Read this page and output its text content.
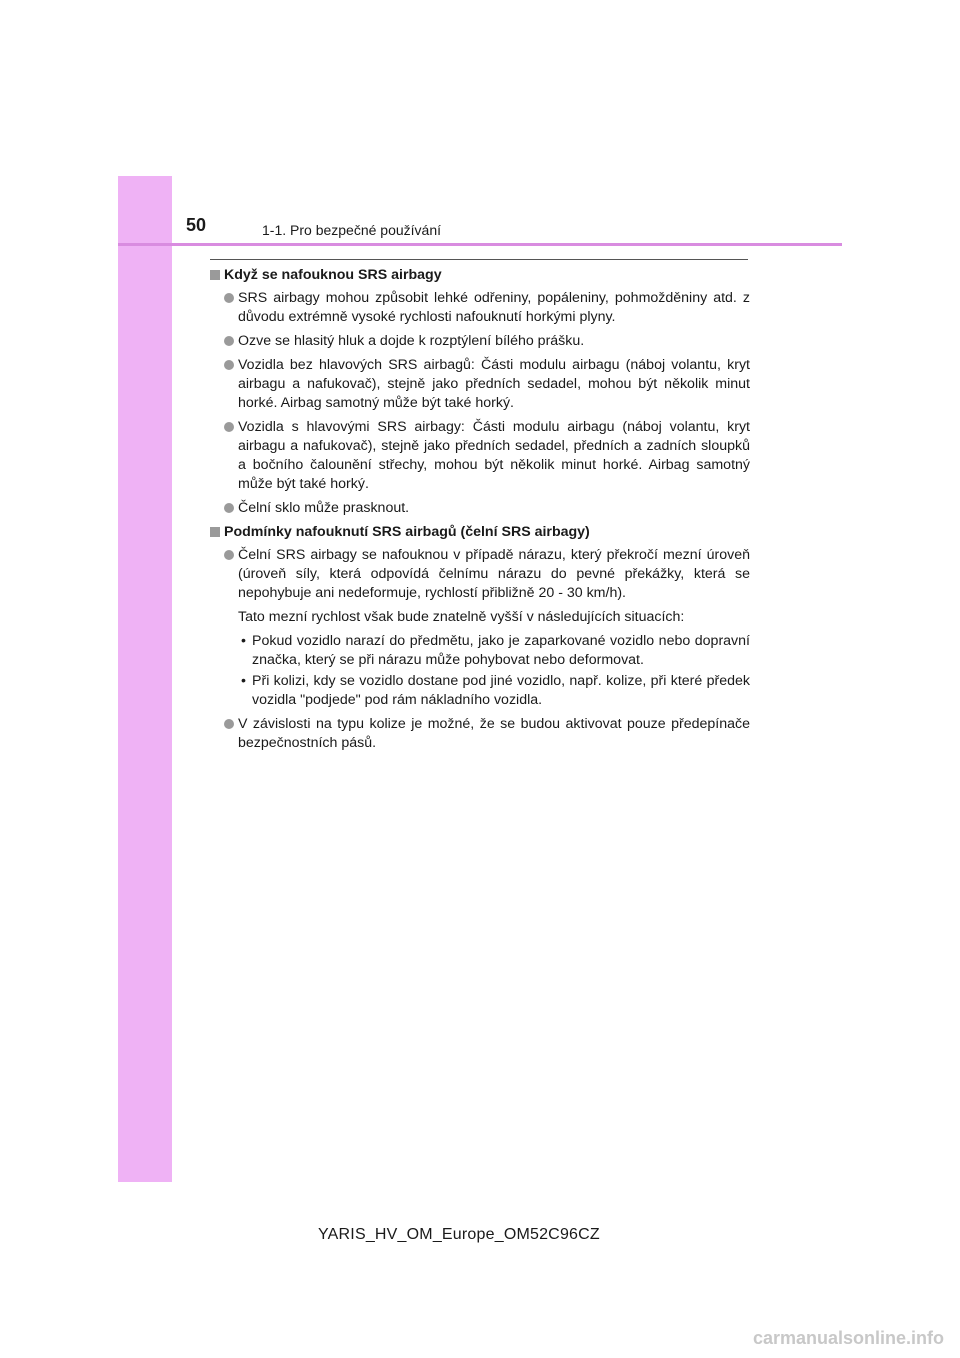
50	1-1. Pro bezpečné používání
Když se nafouknou SRS airbagy
SRS airbagy mohou způsobit lehké odřeniny, popáleniny, pohmožděniny atd. z důvodu extrémně vysoké rychlosti nafouknutí horkými plyny.
Ozve se hlasitý hluk a dojde k rozptýlení bílého prášku.
Vozidla bez hlavových SRS airbagů: Části modulu airbagu (náboj volantu, kryt airbagu a nafukovač), stejně jako předních sedadel, mohou být několik minut horké. Airbag samotný může být také horký.
Vozidla s hlavovými SRS airbagy: Části modulu airbagu (náboj volantu, kryt airbagu a nafukovač), stejně jako předních sedadel, předních a zadních sloupků a bočního čalounění střechy, mohou být několik minut horké. Airbag samotný může být také horký.
Čelní sklo může prasknout.
Podmínky nafouknutí SRS airbagů (čelní SRS airbagy)
Čelní SRS airbagy se nafouknou v případě nárazu, který překročí mezní úroveň (úroveň síly, která odpovídá čelnímu nárazu do pevné překážky, která se nepohybuje ani nedeformuje, rychlostí přibližně 20 - 30 km/h).
Tato mezní rychlost však bude znatelně vyšší v následujících situacích:
• Pokud vozidlo narazí do předmětu, jako je zaparkované vozidlo nebo dopravní značka, který se při nárazu může pohybovat nebo deformovat.
• Při kolizi, kdy se vozidlo dostane pod jiné vozidlo, např. kolize, při které předek vozidla "podjede" pod rám nákladního vozidla.
V závislosti na typu kolize je možné, že se budou aktivovat pouze předepínače bezpečnostních pásů.
YARIS_HV_OM_Europe_OM52C96CZ
carmanualsonline.info
